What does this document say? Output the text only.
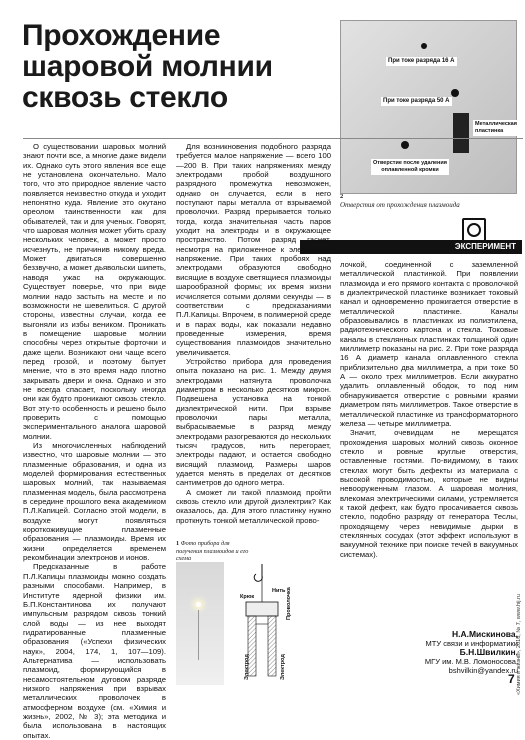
Прохождение
шаровой молнии
сквозь стекло
При токе разряда 16 А
При токе разряда 50 А
Металлическая
пластинка
Отверстие после удаления
оплавленной кромки
2
Отверстия от прохождения плазмоида
ЭКСПЕРИМЕНТ

О существовании шаровых молний знают почти все, а многие даже видели их. Однако суть этого явления все еще не установлена окончательно. Мало того, что это природное явление часто появляется неизвестно откуда и уходит непонятно куда. Явление это окутано ореолом таинственности как для обывателей, так и для ученых. Говорят, что шаровая молния может убить сразу нескольких человек, а может просто исчезнуть, не причинив никому вреда. Может двигаться совершенно беззвучно, а может дьявольски шипеть, наводя ужас на окружающих. Существует поверье, что при виде молнии надо застыть на месте и по возможности не шевелиться. С другой стороны, известны случаи, когда ее выгоняли из избы веником. Проникать в помещение шаровые молнии способны через открытые форточки и даже щели. Возникают они чаще всего перед грозой, и поэтому бытует мнение, что в это время надо плотно закрывать двери и окна. Однако и это не всегда спасает, поскольку иногда они как будто проникают сквозь стекло. Вот эту-то особенность и решено было проверить с помощью экспериментального аналога шаровой молнии.

Из многочисленных наблюдений известно, что шаровые молнии — это плазменные образования, и одна из моделей формирования естественных шаровых молний, так называемая плазменная модель, была рассмотрена в середине прошлого века академиком П.Л.Капицей. Согласно этой модели, в воздухе могут появляться короткоживущие плазменные образования — плазмоиды. Время их жизни определяется временем рекомбинации электронов и ионов.

Предсказанные в работе П.Л.Капицы плазмоиды можно создать разными способами. Например, в Институте ядерной физики им. Б.П.Константинова их получают импульсным разрядом сквозь тонкий слой воды — из нее выходят гидратированные плазменные образования («Успехи физических наук», 2004, 174, 1, 107—109). Альтернатива — использовать плазмоид, формирующийся в несамостоятельном дуговом разряде низкого напряжения при взрывах металлических проволочек в атмосферном воздухе (см. «Химия и жизнь», 2002, № 3); эта методика и была использована в настоящих опытах.

Для возникновения подобного разряда требуется малое напряжение — всего 100—200 В. При таких напряжениях между электродами пробой воздушного разрядного промежутка невозможен, однако он случается, если в него поступают пары металла от взрываемой проволочки. Разряд прерывается только тогда, когда значительная часть паров уходит на электроды и в окружающее пространство. Потом разряд гаснет, несмотря на приложенное к электродам напряжение. При таких пробоях над электродами образуются свободно висящие в воздухе светящиеся плазмоиды шарообразной формы; их время жизни исчисляется сотыми долями секунды — в соответствии с предсказаниями П.Л.Капицы. Впрочем, в полимерной среде и в парах воды, как показали недавно проведенные измерения, время существования плазмоидов значительно увеличивается.

Устройство прибора для проведения опыта показано на рис. 1. Между двумя электродами натянута проволочка диаметром в несколько десятков микрон. Подвешена установка на тонкой диэлектрической нити. При взрыве проволочки пары металла, выбрасываемые в разряд между электродами разогреваются до нескольких тысяч градусов, нить перегорает, электроды падают, и остается свободно висящий плазмоид. Размеры шаров удается менять в пределах от десятков сантиметров до одного метра.

А сможет ли такой плазмоид пройти сквозь стекло или другой диэлектрик? Как оказалось, да. Для этого пластинку нужно проткнуть тонкой металлической прово-

1 Фото прибора для получения плазмоидов и его схема
Крюк
Нить Проволочка
Электрод	Электрод

лочкой, соединенной с заземленной металлической пластинкой. При появлении плазмоида и его прямого контакта с проволочкой в диэлектрической пластинке возникает токовый канал и одновременно прожигается отверстие в металлической пластинке. Каналы образовывались в пластинках из полиэтилена, радиотехнического картона и стекла. Токовые каналы в стеклянных пластинках толщиной один миллиметр показаны на рис. 2. При токе разряда 16 А диаметр канала оплавленного стекла приблизительно два миллиметра, а при токе 50 А — около трех миллиметров. Если аккуратно удалить оплавленный ободок, то под ним обнаруживается отверстие с ровными краями диаметром пять миллиметров. Такое отверстие в металлической пластинке из трансформаторного железа — четыре миллиметра.

Значит, очевидцам не мерещатся прохождения шаровых молний сквозь оконное стекло и ровные круглые отверстия, оставленные гостями. По-видимому, в таких стеклах могут быть дефекты из материала с высокой проводимостью, которые не видны невооруженным глазом. А шаровая молния, влекомая электрическими силами, устремляется к такой дефект, как будто просачивается сквозь стекло, подобно разряду от генератора Теслы, проходящему через невидимые дырки в стеклянных сосудах (этот эффект используют в вакуумной технике при поиске течей в вакуумных системах).

Н.А.Мискинова,
МТУ связи и информатики
Б.Н.Швилкин,
МГУ им. М.В. Ломоносова,
bshvilkin@yandex.ru
7 «Химия и жизнь», 2016, № 7, www.hij.ru
